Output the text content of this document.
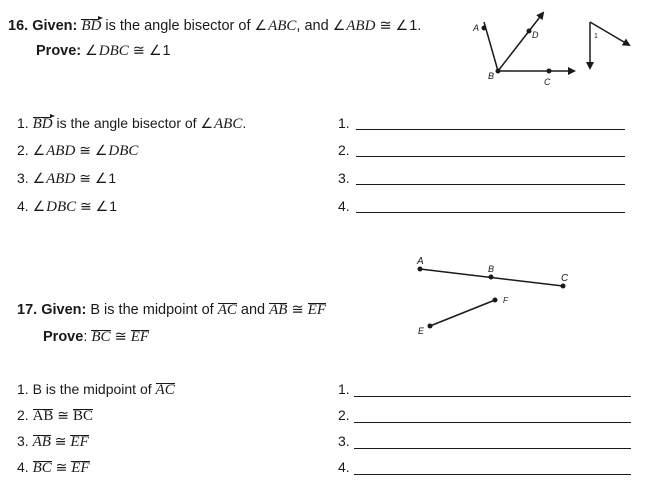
16. Given: BD is the angle bisector of ∠ABC, and ∠ABD ≅ ∠1.
Prove: ∠DBC ≅ ∠1
A
B
D
C
1
1. BD is the angle bisector of ∠ABC.
2. ∠ABD ≅ ∠DBC
3. ∠ABD ≅ ∠1
4. ∠DBC ≅ ∠1
1.
2.
3.
4.
A
B
C
E
F
17. Given: B is the midpoint of AC and AB ≅ EF
Prove: BC ≅ EF
1. B is the midpoint of AC
2. AB ≅ BC
3. AB ≅ EF
4. BC ≅ EF
1.
2.
3.
4.
